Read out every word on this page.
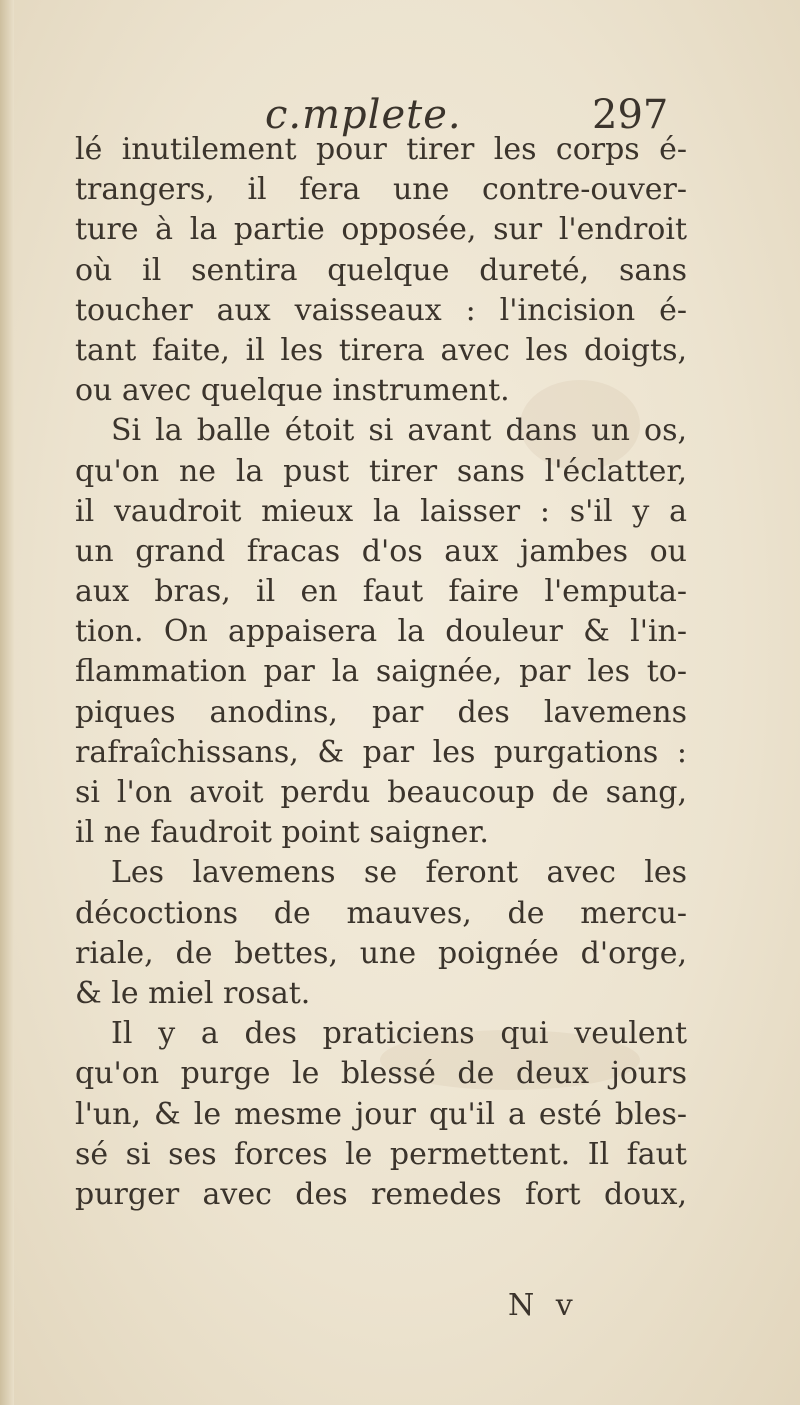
c.mplete.	297
lé inutilement pour tirer les corps é-
trangers, il fera une contre-ouver-
ture à la partie opposée, sur l'endroit
où il sentira quelque dureté, sans
toucher aux vaisseaux : l'incision é-
tant faite, il les tirera avec les doigts,
ou avec quelque instrument.
Si la balle étoit si avant dans un os,
qu'on ne la pust tirer sans l'éclatter,
il vaudroit mieux la laisser : s'il y a
un grand fracas d'os aux jambes ou
aux bras, il en faut faire l'emputa-
tion. On appaisera la douleur & l'in-
flammation par la saignée, par les to-
piques anodins, par des lavemens
rafraîchissans, & par les purgations :
si l'on avoit perdu beaucoup de sang,
il ne faudroit point saigner.
Les lavemens se feront avec les
décoctions de mauves, de mercu-
riale, de bettes, une poignée d'orge,
& le miel rosat.
Il y a des praticiens qui veulent
qu'on purge le blessé de deux jours
l'un, & le mesme jour qu'il a esté bles-
sé si ses forces le permettent. Il faut
purger avec des remedes fort doux,
N v
